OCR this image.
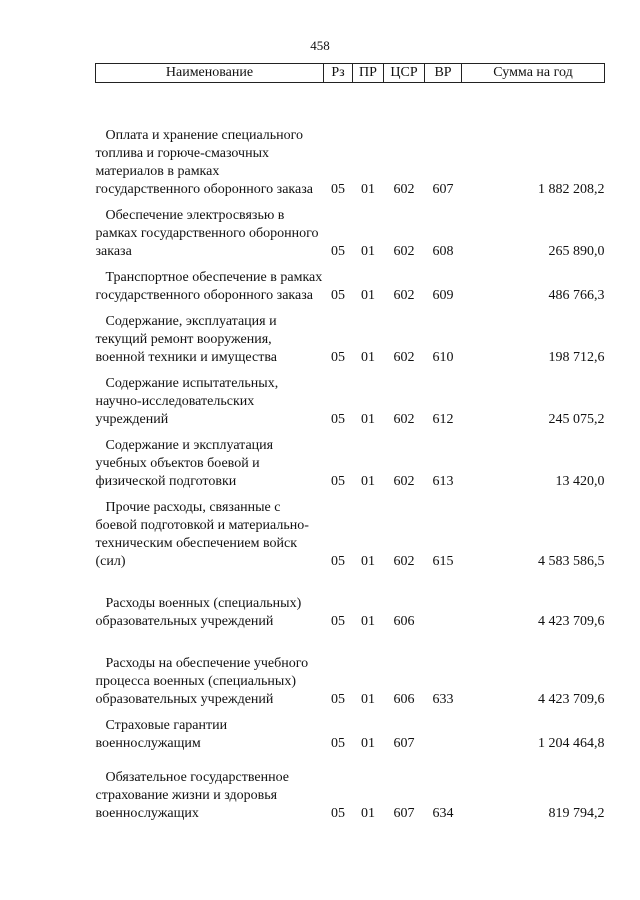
458
Наименование	Рз	ПР	ЦСР	ВР	Сумма на год

Оплата и хранение специального топлива и горюче-смазочных материалов в рамках государственного оборонного заказа	05	01	602	607	1 882 208,2

Обеспечение электросвязью в рамках государственного оборонного заказа	05	01	602	608	265 890,0

Транспортное обеспечение в рамках государственного оборонного заказа	05	01	602	609	486 766,3

Содержание, эксплуатация и текущий ремонт вооружения, военной техники и имущества	05	01	602	610	198 712,6

Содержание испытательных, научно-исследовательских учреждений	05	01	602	612	245 075,2

Содержание и эксплуатация учебных объектов боевой и физической подготовки	05	01	602	613	13 420,0

Прочие расходы, связанные с боевой подготовкой и материально-техническим обеспечением войск (сил)	05	01	602	615	4 583 586,5

Расходы военных (специальных) образовательных учреждений	05	01	606		4 423 709,6

Расходы на обеспечение учебного процесса военных (специальных) образовательных учреждений	05	01	606	633	4 423 709,6

Страховые гарантии военнослужащим	05	01	607		1 204 464,8

Обязательное государственное страхование жизни и здоровья военнослужащих	05	01	607	634	819 794,2
